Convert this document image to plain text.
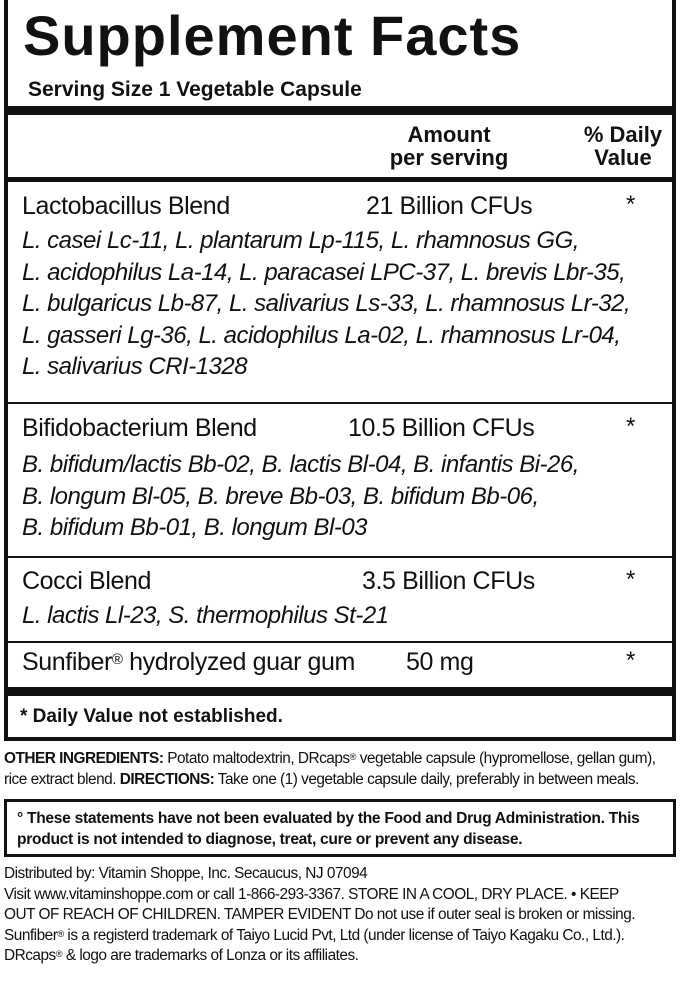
Supplement Facts
Serving Size 1 Vegetable Capsule
Amount
per serving
% Daily
Value
Lactobacillus Blend	21 Billion CFUs	*
L. casei Lc-11, L. plantarum Lp-115, L. rhamnosus GG,
L. acidophilus La-14, L. paracasei LPC-37, L. brevis Lbr-35,
L. bulgaricus Lb-87, L. salivarius Ls-33, L. rhamnosus Lr-32,
L. gasseri Lg-36, L. acidophilus La-02, L. rhamnosus Lr-04,
L. salivarius CRI-1328
Bifidobacterium Blend	10.5 Billion CFUs	*
B. bifidum/lactis Bb-02, B. lactis Bl-04, B. infantis Bi-26,
B. longum Bl-05, B. breve Bb-03, B. bifidum Bb-06,
B. bifidum Bb-01, B. longum Bl-03
Cocci Blend	3.5 Billion CFUs	*
L. lactis Ll-23, S. thermophilus St-21
Sunfiber® hydrolyzed guar gum 50 mg	*
* Daily Value not established.
OTHER INGREDIENTS: Potato maltodextrin, DRcaps® vegetable capsule (hypromellose, gellan gum),
rice extract blend. DIRECTIONS: Take one (1) vegetable capsule daily, preferably in between meals.
° These statements have not been evaluated by the Food and Drug Administration. This
product is not intended to diagnose, treat, cure or prevent any disease.
Distributed by: Vitamin Shoppe, Inc. Secaucus, NJ 07094
Visit www.vitaminshoppe.com or call 1-866-293-3367. STORE IN A COOL, DRY PLACE. • KEEP
OUT OF REACH OF CHILDREN. TAMPER EVIDENT Do not use if outer seal is broken or missing.
Sunfiber® is a registerd trademark of Taiyo Lucid Pvt, Ltd (under license of Taiyo Kagaku Co., Ltd.).
DRcaps® & logo are trademarks of Lonza or its affiliates.
